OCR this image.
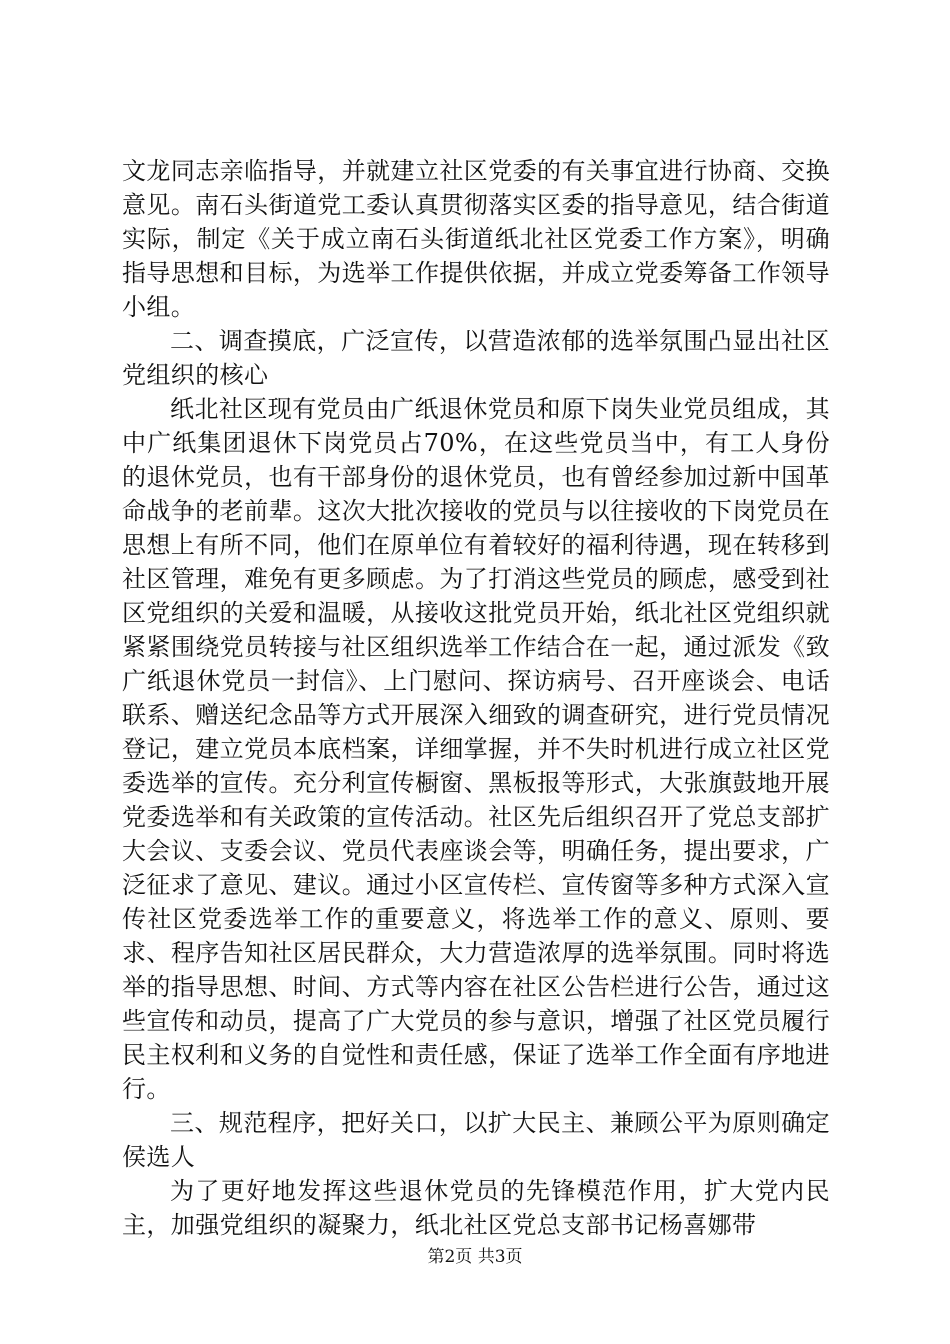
文龙同志亲临指导，并就建立社区党委的有关事宜进行协商、交换意见。南石头街道党工委认真贯彻落实区委的指导意见，结合街道实际，制定《关于成立南石头街道纸北社区党委工作方案》，明确指导思想和目标，为选举工作提供依据，并成立党委筹备工作领导小组。

二、调查摸底，广泛宣传，以营造浓郁的选举氛围凸显出社区党组织的核心

纸北社区现有党员由广纸退休党员和原下岗失业党员组成，其中广纸集团退休下岗党员占70%，在这些党员当中，有工人身份的退休党员，也有干部身份的退休党员，也有曾经参加过新中国革命战争的老前辈。这次大批次接收的党员与以往接收的下岗党员在思想上有所不同，他们在原单位有着较好的福利待遇，现在转移到社区管理，难免有更多顾虑。为了打消这些党员的顾虑，感受到社区党组织的关爱和温暖，从接收这批党员开始，纸北社区党组织就紧紧围绕党员转接与社区组织选举工作结合在一起，通过派发《致广纸退休党员一封信》、上门慰问、探访病号、召开座谈会、电话联系、赠送纪念品等方式开展深入细致的调查研究，进行党员情况登记，建立党员本底档案，详细掌握，并不失时机进行成立社区党委选举的宣传。充分利宣传橱窗、黑板报等形式，大张旗鼓地开展党委选举和有关政策的宣传活动。社区先后组织召开了党总支部扩大会议、支委会议、党员代表座谈会等，明确任务，提出要求，广泛征求了意见、建议。通过小区宣传栏、宣传窗等多种方式深入宣传社区党委选举工作的重要意义，将选举工作的意义、原则、要求、程序告知社区居民群众，大力营造浓厚的选举氛围。同时将选举的指导思想、时间、方式等内容在社区公告栏进行公告，通过这些宣传和动员，提高了广大党员的参与意识，增强了社区党员履行民主权利和义务的自觉性和责任感，保证了选举工作全面有序地进行。

三、规范程序，把好关口，以扩大民主、兼顾公平为原则确定侯选人

为了更好地发挥这些退休党员的先锋模范作用，扩大党内民主，加强党组织的凝聚力，纸北社区党总支部书记杨喜娜带

第2页 共3页
